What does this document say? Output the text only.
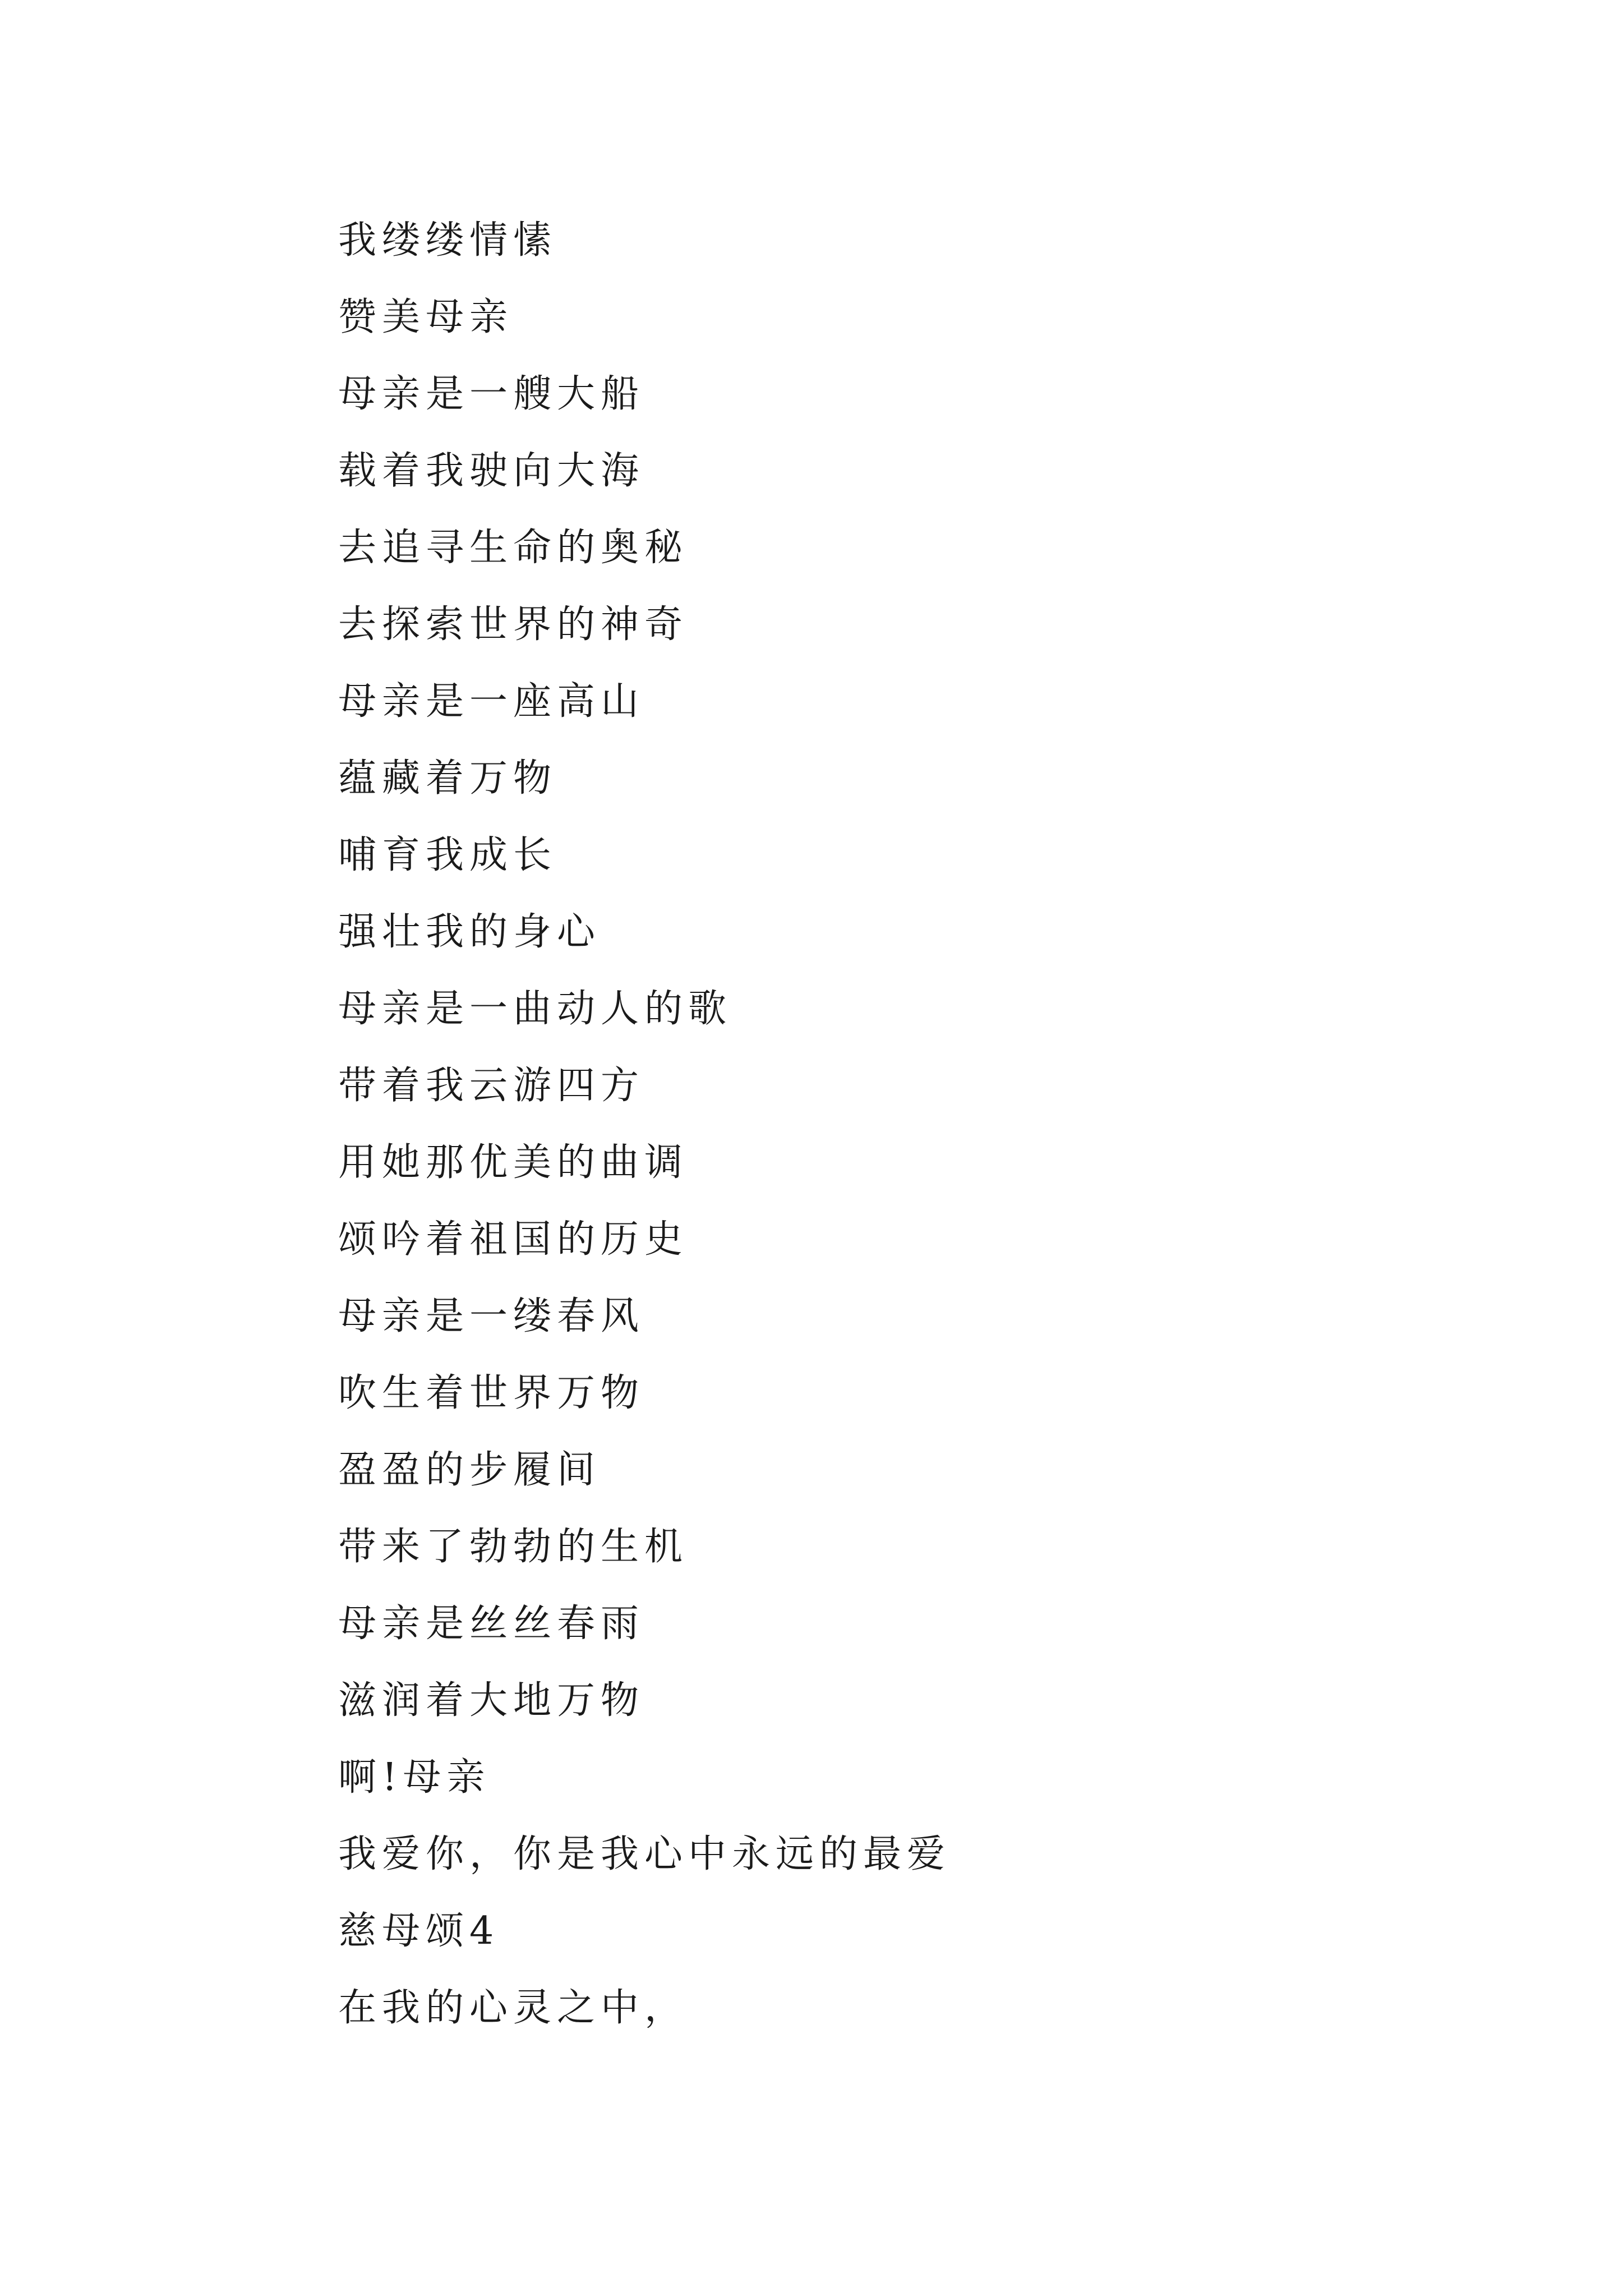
我缕缕情愫
赞美母亲
母亲是一艘大船
载着我驶向大海
去追寻生命的奥秘
去探索世界的神奇
母亲是一座高山
蕴藏着万物
哺育我成长
强壮我的身心
母亲是一曲动人的歌
带着我云游四方
用她那优美的曲调
颂吟着祖国的历史
母亲是一缕春风
吹生着世界万物
盈盈的步履间
带来了勃勃的生机
母亲是丝丝春雨
滋润着大地万物
啊!母亲
我爱你，你是我心中永远的最爱
慈母颂4
在我的心灵之中，
